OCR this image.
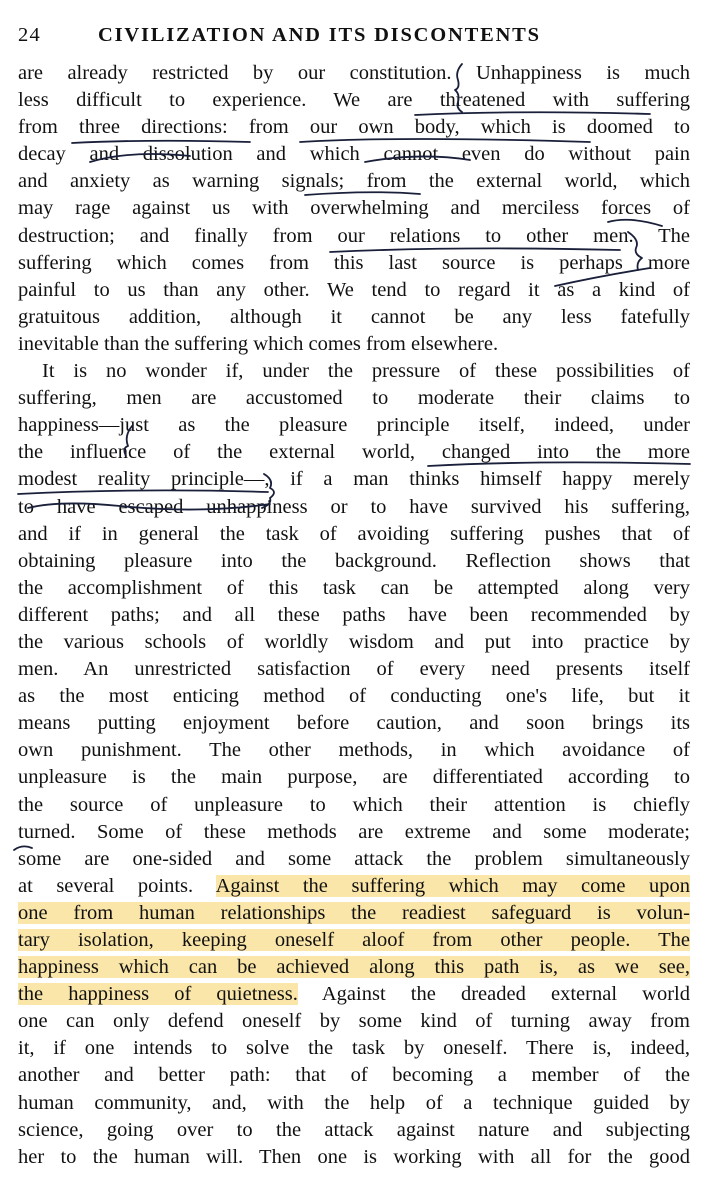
24	CIVILIZATION AND ITS DISCONTENTS
are already restricted by our constitution. Unhappiness is much
less difficult to experience. We are threatened with suffering
from three directions: from our own body, which is doomed to
decay and dissolution and which cannot even do without pain
and anxiety as warning signals; from the external world, which
may rage against us with overwhelming and merciless forces of
destruction; and finally from our relations to other men. The
suffering which comes from this last source is perhaps more
painful to us than any other. We tend to regard it as a kind of
gratuitous addition, although it cannot be any less fatefully
inevitable than the suffering which comes from elsewhere.
It is no wonder if, under the pressure of these possibilities of
suffering, men are accustomed to moderate their claims to
happiness—just as the pleasure principle itself, indeed, under
the influence of the external world, changed into the more
modest reality principle—, if a man thinks himself happy merely
to have escaped unhappiness or to have survived his suffering,
and if in general the task of avoiding suffering pushes that of
obtaining pleasure into the background. Reflection shows that
the accomplishment of this task can be attempted along very
different paths; and all these paths have been recommended by
the various schools of worldly wisdom and put into practice by
men. An unrestricted satisfaction of every need presents itself
as the most enticing method of conducting one's life, but it
means putting enjoyment before caution, and soon brings its
own punishment. The other methods, in which avoidance of
unpleasure is the main purpose, are differentiated according to
the source of unpleasure to which their attention is chiefly
turned. Some of these methods are extreme and some moderate;
some are one-sided and some attack the problem simultaneously
at several points. Against the suffering which may come upon
one from human relationships the readiest safeguard is volun-
tary isolation, keeping oneself aloof from other people. The
happiness which can be achieved along this path is, as we see,
the happiness of quietness. Against the dreaded external world
one can only defend oneself by some kind of turning away from
it, if one intends to solve the task by oneself. There is, indeed,
another and better path: that of becoming a member of the
human community, and, with the help of a technique guided by
science, going over to the attack against nature and subjecting
her to the human will. Then one is working with all for the good
